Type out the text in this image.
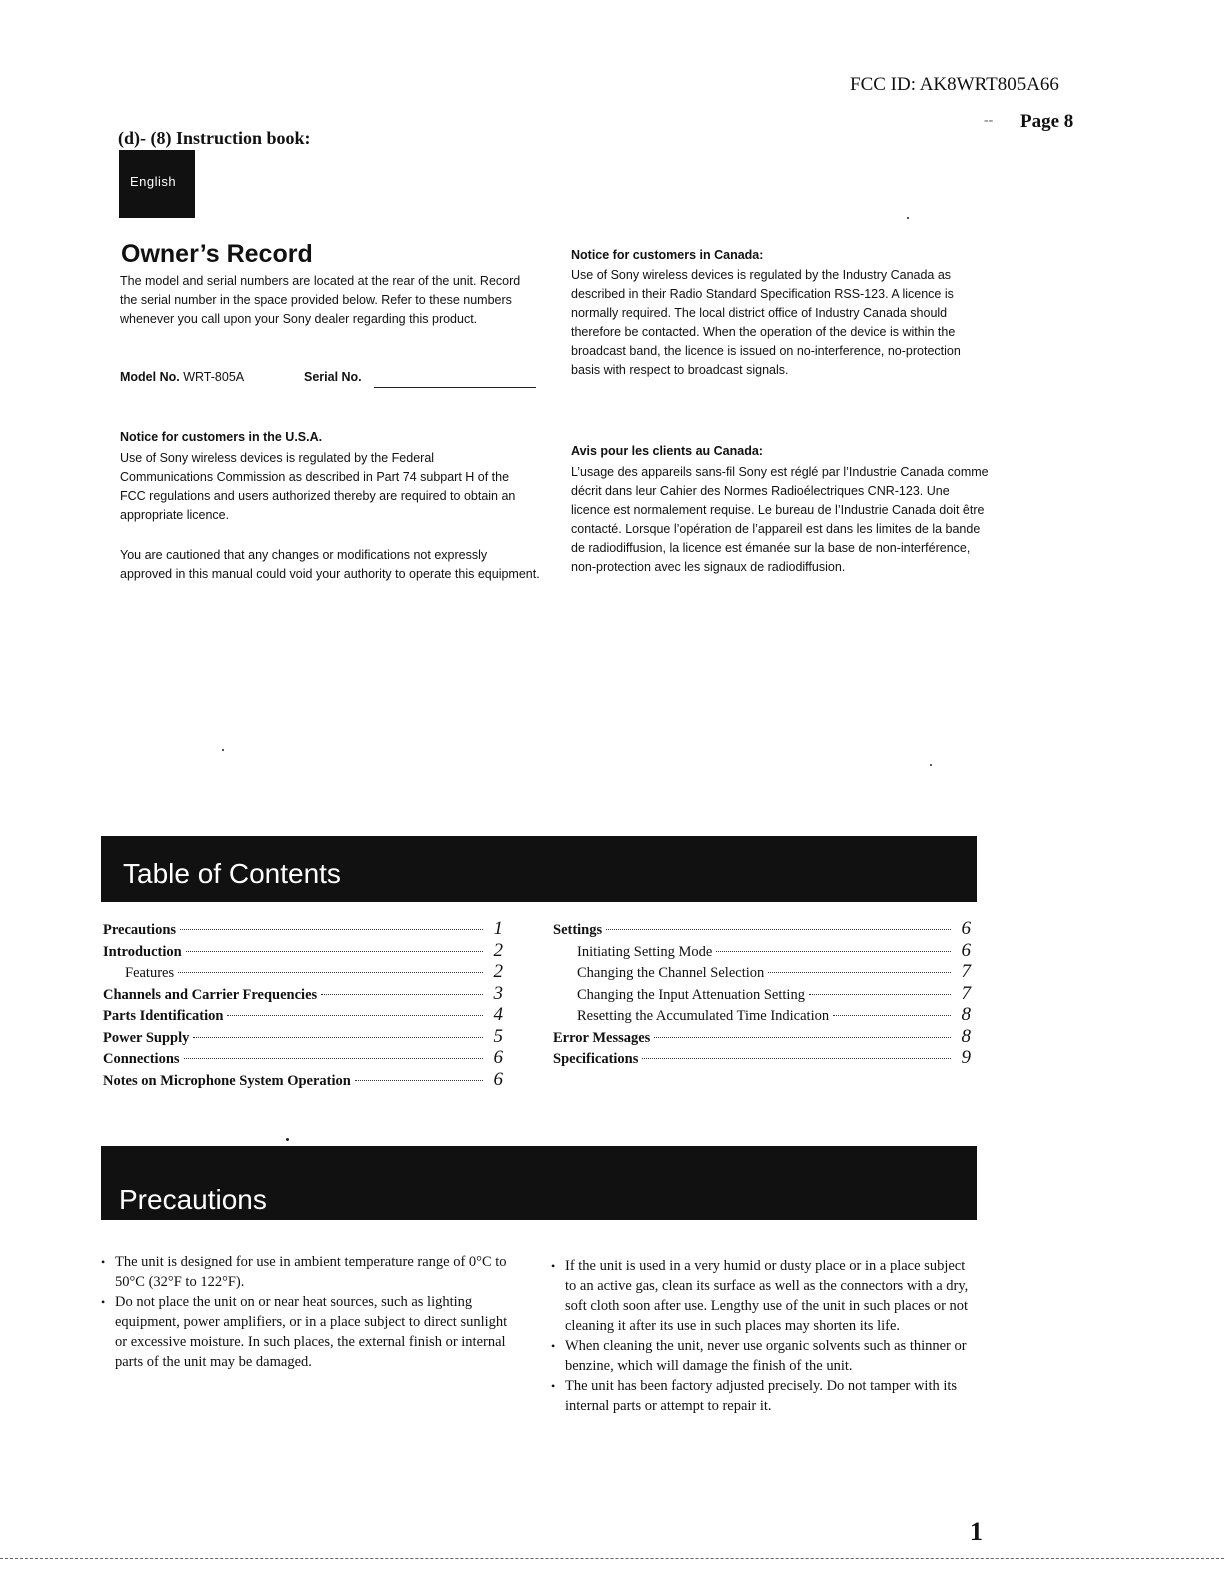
FCC ID: AK8WRT805A66
-- Page 8
(d)- (8) Instruction book:
English
Owner’s Record
The model and serial numbers are located at the rear of the unit. Record the serial number in the space provided below. Refer to these numbers whenever you call upon your Sony dealer regarding this product.
Model No. WRT-805A	Serial No.
Notice for customers in the U.S.A.
Use of Sony wireless devices is regulated by the Federal Communications Commission as described in Part 74 subpart H of the FCC regulations and users authorized thereby are required to obtain an appropriate licence.
You are cautioned that any changes or modifications not expressly approved in this manual could void your authority to operate this equipment.
Notice for customers in Canada:
Use of Sony wireless devices is regulated by the Industry Canada as described in their Radio Standard Specification RSS-123. A licence is normally required. The local district office of Industry Canada should therefore be contacted. When the operation of the device is within the broadcast band, the licence is issued on no-interference, no-protection basis with respect to broadcast signals.
Avis pour les clients au Canada:
L’usage des appareils sans-fil Sony est réglé par l’Industrie Canada comme décrit dans leur Cahier des Normes Radioélectriques CNR-123. Une licence est normalement requise. Le bureau de l’Industrie Canada doit être contacté. Lorsque l’opération de l’appareil est dans les limites de la bande de radiodiffusion, la licence est émanée sur la base de non-interférence, non-protection avec les signaux de radiodiffusion.
Table of Contents
Precautions	1
Introduction	2
Features	2
Channels and Carrier Frequencies	3
Parts Identification	4
Power Supply	5
Connections	6
Notes on Microphone System Operation	6
Settings	6
Initiating Setting Mode	6
Changing the Channel Selection	7
Changing the Input Attenuation Setting	7
Resetting the Accumulated Time Indication	8
Error Messages	8
Specifications	9
Precautions
• The unit is designed for use in ambient temperature range of 0°C to 50°C (32°F to 122°F).
• Do not place the unit on or near heat sources, such as lighting equipment, power amplifiers, or in a place subject to direct sunlight or excessive moisture. In such places, the external finish or internal parts of the unit may be damaged.
• If the unit is used in a very humid or dusty place or in a place subject to an active gas, clean its surface as well as the connectors with a dry, soft cloth soon after use. Lengthy use of the unit in such places or not cleaning it after its use in such places may shorten its life.
• When cleaning the unit, never use organic solvents such as thinner or benzine, which will damage the finish of the unit.
• The unit has been factory adjusted precisely. Do not tamper with its internal parts or attempt to repair it.
1
